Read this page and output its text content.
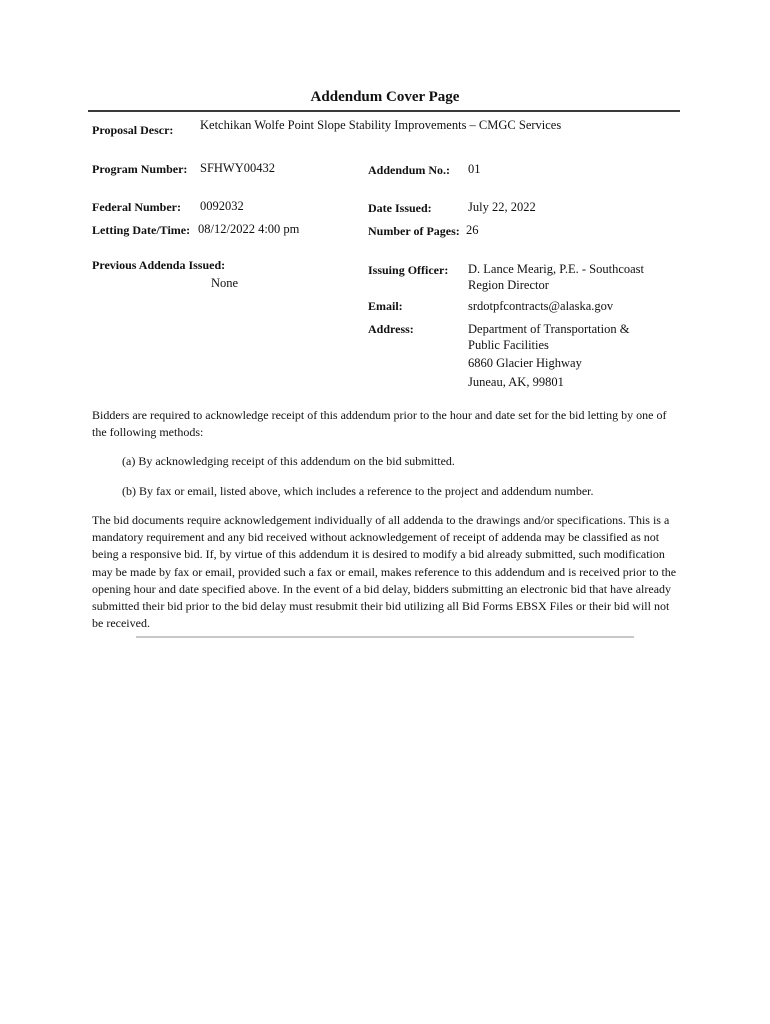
Addendum Cover Page
Proposal Descr: Ketchikan Wolfe Point Slope Stability Improvements – CMGC Services
Program Number: SFHWY00432	Addendum No.: 01
Federal Number: 0092032	Date Issued:	July 22, 2022
Letting Date/Time: 08/12/2022 4:00 pm	Number of Pages: 26
Previous Addenda Issued:
None
Issuing Officer: D. Lance Mearig, P.E. - Southcoast Region Director
Email:	srdotpfcontracts@alaska.gov
Address:	Department of Transportation & Public Facilities
6860 Glacier Highway
Juneau, AK, 99801
Bidders are required to acknowledge receipt of this addendum prior to the hour and date set for the bid letting by one of the following methods:
(a) By acknowledging receipt of this addendum on the bid submitted.
(b) By fax or email, listed above, which includes a reference to the project and addendum number.
The bid documents require acknowledgement individually of all addenda to the drawings and/or specifications. This is a mandatory requirement and any bid received without acknowledgement of receipt of addenda may be classified as not being a responsive bid. If, by virtue of this addendum it is desired to modify a bid already submitted, such modification may be made by fax or email, provided such a fax or email, makes reference to this addendum and is received prior to the opening hour and date specified above. In the event of a bid delay, bidders submitting an electronic bid that have already submitted their bid prior to the bid delay must resubmit their bid utilizing all Bid Forms EBSX Files or their bid will not be received.
